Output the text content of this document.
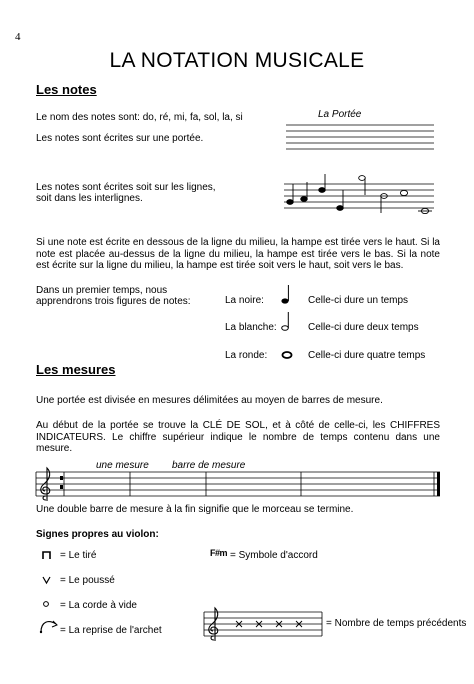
4
LA NOTATION MUSICALE
Les notes
Le nom des notes sont: do, ré, mi, fa, sol, la, si
Les notes sont écrites sur une portée.
La Portée
Les notes sont écrites soit sur les lignes,
soit dans les interlignes.
Si une note est écrite en dessous de la ligne du milieu, la hampe est tirée vers le haut. Si la note est placée au-dessus de la ligne du milieu, la hampe est tirée vers le bas. Si la note est écrite sur la ligne du milieu, la hampe est tirée soit vers le haut, soit vers le bas.
Dans un premier temps, nous
apprendrons trois figures de notes:	La noire:	Celle-ci dure un temps
La blanche:	Celle-ci dure deux temps
La ronde:	Celle-ci dure quatre temps
Les mesures
Une portée est divisée en mesures délimitées au moyen de barres de mesure.
Au début de la portée se trouve la CLÉ DE SOL, et à côté de celle-ci, les CHIFFRES INDICATEURS. Le chiffre supérieur indique le nombre de temps contenu dans une mesure.
une mesure barre de mesure
Une double barre de mesure à la fin signifie que le morceau se termine.
Signes propres au violon:
= Le tiré
= Le poussé
= La corde à vide
= La reprise de l'archet
F#m = Symbole d'accord
= Nombre de temps précédents
